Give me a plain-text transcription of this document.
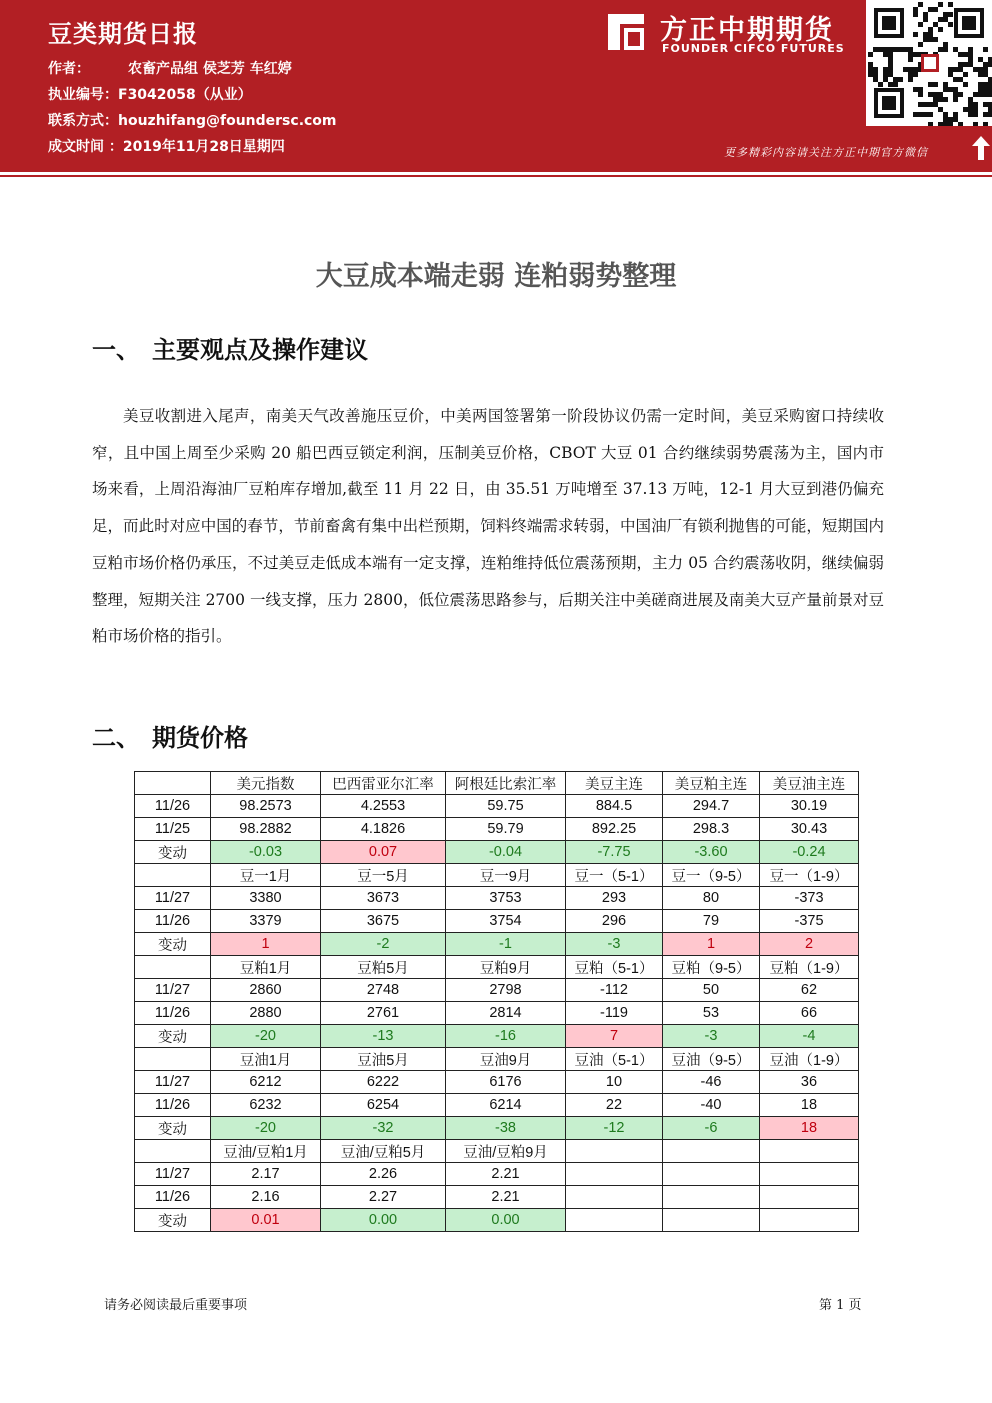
豆类期货日报
作者：	农畜产品组 侯芝芳 车红婷
执业编号：F3042058（从业）
联系方式：houzhifang@foundersc.com
成文时间 ：2019年11月28日星期四
方正中期期货
FOUNDER CIFCO FUTURES
更多精彩内容请关注方正中期官方微信
大豆成本端走弱 连粕弱势整理
一、 主要观点及操作建议
美豆收割进入尾声，南美天气改善施压豆价，中美两国签署第一阶段协议仍需一定时间，美豆采购窗口持续收窄，且中国上周至少采购 20 船巴西豆锁定利润，压制美豆价格，CBOT 大豆 01 合约继续弱势震荡为主，国内市场来看，上周沿海油厂豆粕库存增加,截至 11 月 22 日，由 35.51 万吨增至 37.13 万吨，12-1 月大豆到港仍偏充足，而此时对应中国的春节，节前畜禽有集中出栏预期，饲料终端需求转弱，中国油厂有锁利抛售的可能，短期国内豆粕市场价格仍承压，不过美豆走低成本端有一定支撑，连粕维持低位震荡预期，主力 05 合约震荡收阴，继续偏弱整理，短期关注 2700 一线支撑，压力 2800，低位震荡思路参与，后期关注中美磋商进展及南美大豆产量前景对豆粕市场价格的指引。
二、 期货价格
	美元指数	巴西雷亚尔汇率	阿根廷比索汇率	美豆主连	美豆粕主连	美豆油主连
11/26	98.2573	4.2553	59.75	884.5	294.7	30.19
11/25	98.2882	4.1826	59.79	892.25	298.3	30.43
变动	-0.03	0.07	-0.04	-7.75	-3.60	-0.24
	豆一1月	豆一5月	豆一9月	豆一（5-1）	豆一（9-5）	豆一（1-9）
11/27	3380	3673	3753	293	80	-373
11/26	3379	3675	3754	296	79	-375
变动	1	-2	-1	-3	1	2
	豆粕1月	豆粕5月	豆粕9月	豆粕（5-1）	豆粕（9-5）	豆粕（1-9）
11/27	2860	2748	2798	-112	50	62
11/26	2880	2761	2814	-119	53	66
变动	-20	-13	-16	7	-3	-4
	豆油1月	豆油5月	豆油9月	豆油（5-1）	豆油（9-5）	豆油（1-9）
11/27	6212	6222	6176	10	-46	36
11/26	6232	6254	6214	22	-40	18
变动	-20	-32	-38	-12	-6	18
	豆油/豆粕1月	豆油/豆粕5月	豆油/豆粕9月			
11/27	2.17	2.26	2.21			
11/26	2.16	2.27	2.21			
变动	0.01	0.00	0.00			
请务必阅读最后重要事项	第 1 页
